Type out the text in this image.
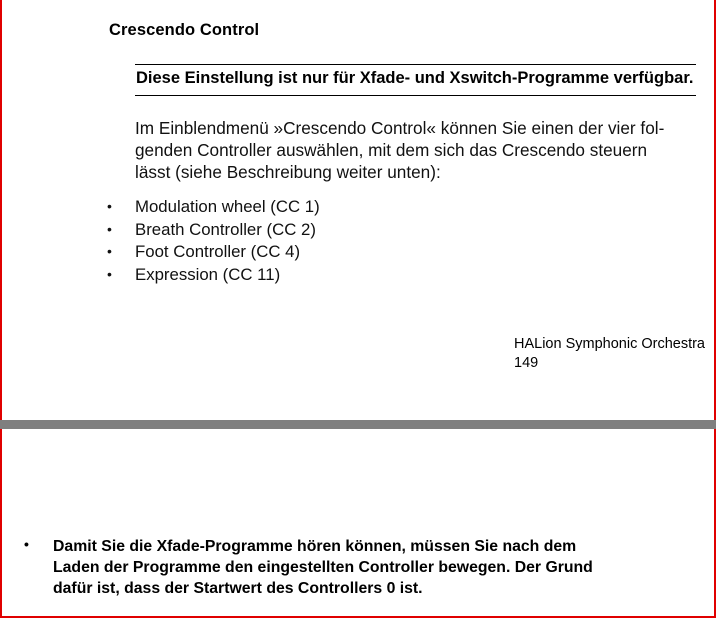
Crescendo Control
Diese Einstellung ist nur für Xfade- und Xswitch-Programme verfügbar.
Im Einblendmenü »Crescendo Control« können Sie einen der vier fol-
genden Controller auswählen, mit dem sich das Crescendo steuern
lässt (siehe Beschreibung weiter unten):
• Modulation wheel (CC 1)
• Breath Controller (CC 2)
• Foot Controller (CC 4)
• Expression (CC 11)
HALion Symphonic Orchestra
149
• Damit Sie die Xfade-Programme hören können, müssen Sie nach dem
Laden der Programme den eingestellten Controller bewegen. Der Grund
dafür ist, dass der Startwert des Controllers 0 ist.
